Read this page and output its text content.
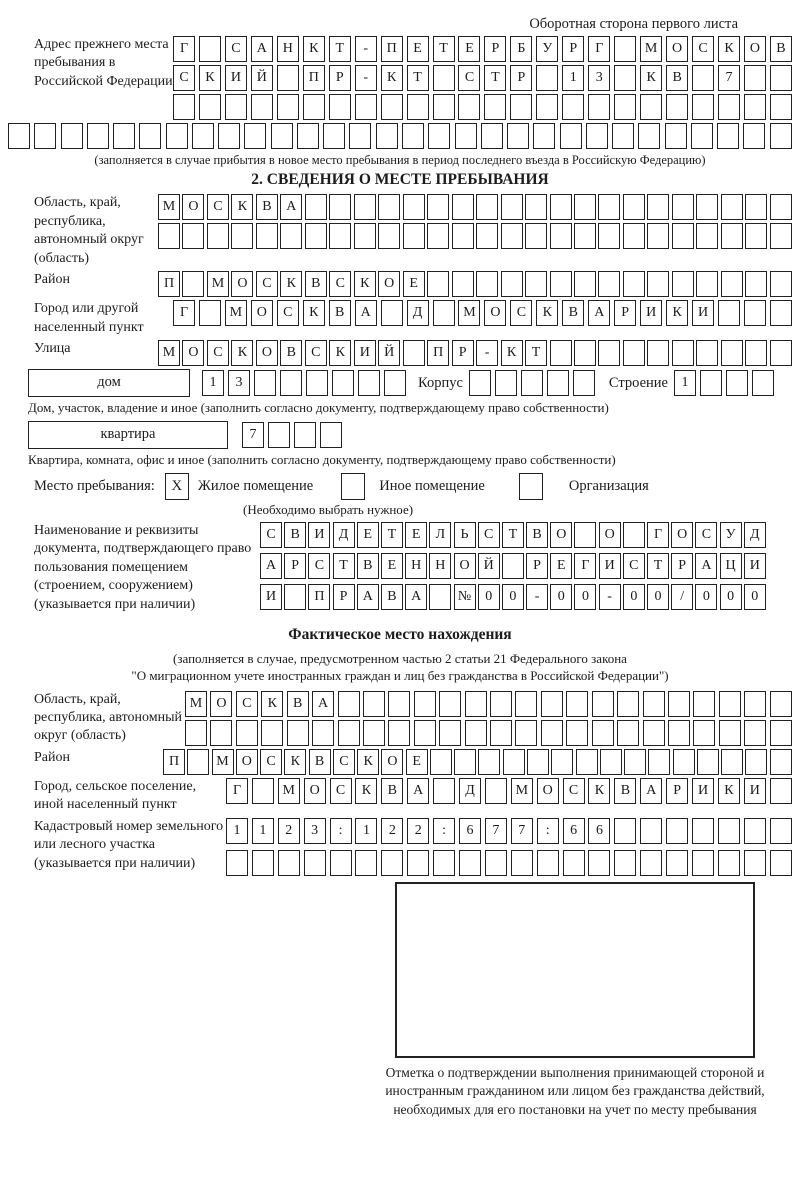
Оборотная сторона первого листа
Адрес прежнего места пребывания в Российской Федерации
Г	С	А	Н	К	Т	-	П	Е	Т	Е	Р	Б	У	Р	Г	М	О	С	К	О	В
С	К	И	Й	П	Р	-	К	Т	С	Т	Р	1	3	К	В	7
(заполняется в случае прибытия в новое место пребывания в период последнего въезда в Российскую Федерацию)
2. СВЕДЕНИЯ О МЕСТЕ ПРЕБЫВАНИЯ
Область, край, республика, автономный округ (область)
М О	С	К	В	А
Район	П	М О	С	К	В	С	К	О	Е
Город или другой населенный пункт
Г	М	О	С	К	В	А	Д	М	О	С	К	В	А	Р	И	К	И
Улица	М О	С	К	О	В	С	К	И	Й	П	Р	-	К	Т
дом	1	3	Корпус	Строение 1
Дом, участок, владение и иное (заполнить согласно документу, подтверждающему право собственности)
квартира	7
Квартира, комната, офис и иное (заполнить согласно документу, подтверждающему право собственности)
Место пребывания:	X	Жилое помещение	Иное помещение	Организация
(Необходимо выбрать нужное)
Наименование и реквизиты документа, подтверждающего право пользования помещением (строением, сооружением) (указывается при наличии)
С	В	И	Д	Е	Т	Е	Л	Ь	С	Т	В	О	О	Г	О	С	У	Д
А	Р	С	Т	В	Е	Н	Н	О	Й	Р	Е	Г	И	С	Т	Р	А	Ц	И
И	П	Р	А	В	А	№	0	0	-	0	0	-	0	0	/	0	0	0
Фактическое место нахождения
(заполняется в случае, предусмотренном частью 2 статьи 21 Федерального закона
"О миграционном учете иностранных граждан и лиц без гражданства в Российской Федерации")
Область, край, республика, автономный округ (область)
М	О	С	К	В	А
Район	П	М О	С	К	В	С	К	О	Е
Город, сельское поселение, иной населенный пункт
Г	М	О	С	К	В	А	Д	М	О	С	К	В	А	Р	И	К	И
Кадастровый номер земельного или лесного участка (указывается при наличии)
1	1	2	3	:	1	2	2	:	6	7	7	:	6	6
Отметка о подтверждении выполнения принимающей стороной и иностранным гражданином или лицом без гражданства действий, необходимых для его постановки на учет по месту пребывания
